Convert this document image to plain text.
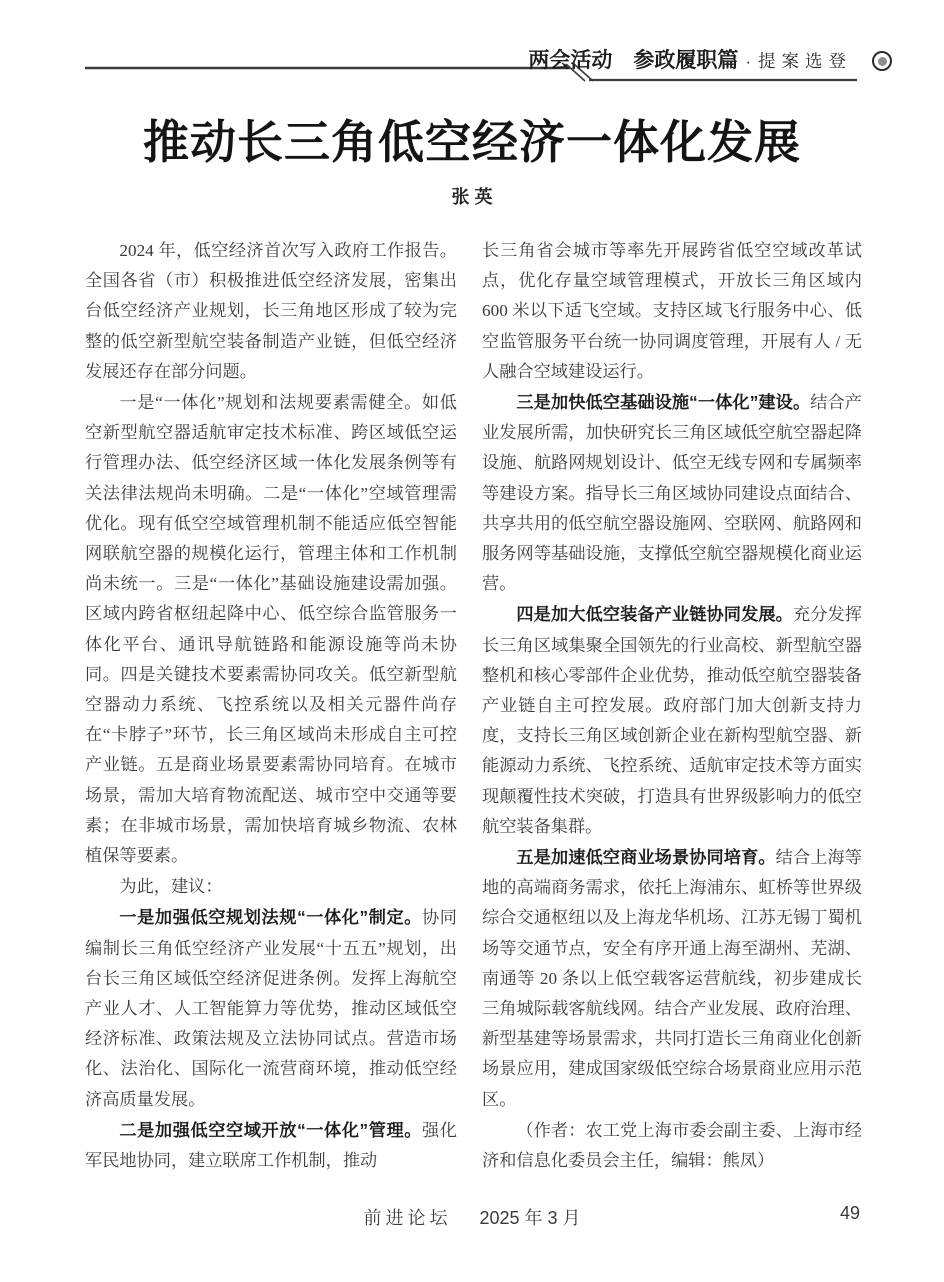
两会活动　参政履职篇 · 提案选登
推动长三角低空经济一体化发展
张 英

2024 年，低空经济首次写入政府工作报告。全国各省（市）积极推进低空经济发展，密集出台低空经济产业规划，长三角地区形成了较为完整的低空新型航空装备制造产业链，但低空经济发展还存在部分问题。

一是“一体化”规划和法规要素需健全。如低空新型航空器适航审定技术标准、跨区域低空运行管理办法、低空经济区域一体化发展条例等有关法律法规尚未明确。二是“一体化”空域管理需优化。现有低空空域管理机制不能适应低空智能网联航空器的规模化运行，管理主体和工作机制尚未统一。三是“一体化”基础设施建设需加强。区域内跨省枢纽起降中心、低空综合监管服务一体化平台、通讯导航链路和能源设施等尚未协同。四是关键技术要素需协同攻关。低空新型航空器动力系统、飞控系统以及相关元器件尚存在“卡脖子”环节，长三角区域尚未形成自主可控产业链。五是商业场景要素需协同培育。在城市场景，需加大培育物流配送、城市空中交通等要素；在非城市场景，需加快培育城乡物流、农林植保等要素。

为此，建议：

一是加强低空规划法规“一体化”制定。协同编制长三角低空经济产业发展“十五五”规划，出台长三角区域低空经济促进条例。发挥上海航空产业人才、人工智能算力等优势，推动区域低空经济标准、政策法规及立法协同试点。营造市场化、法治化、国际化一流营商环境，推动低空经济高质量发展。

二是加强低空空域开放“一体化”管理。强化军民地协同，建立联席工作机制，推动

长三角省会城市等率先开展跨省低空空域改革试点，优化存量空域管理模式，开放长三角区域内 600 米以下适飞空域。支持区域飞行服务中心、低空监管服务平台统一协同调度管理，开展有人 / 无人融合空域建设运行。

三是加快低空基础设施“一体化”建设。结合产业发展所需，加快研究长三角区域低空航空器起降设施、航路网规划设计、低空无线专网和专属频率等建设方案。指导长三角区域协同建设点面结合、共享共用的低空航空器设施网、空联网、航路网和服务网等基础设施，支撑低空航空器规模化商业运营。

四是加大低空装备产业链协同发展。充分发挥长三角区域集聚全国领先的行业高校、新型航空器整机和核心零部件企业优势，推动低空航空器装备产业链自主可控发展。政府部门加大创新支持力度，支持长三角区域创新企业在新构型航空器、新能源动力系统、飞控系统、适航审定技术等方面实现颠覆性技术突破，打造具有世界级影响力的低空航空装备集群。

五是加速低空商业场景协同培育。结合上海等地的高端商务需求，依托上海浦东、虹桥等世界级综合交通枢纽以及上海龙华机场、江苏无锡丁蜀机场等交通节点，安全有序开通上海至湖州、芜湖、南通等 20 条以上低空载客运营航线，初步建成长三角城际载客航线网。结合产业发展、政府治理、新型基建等场景需求，共同打造长三角商业化创新场景应用，建成国家级低空综合场景商业应用示范区。

（作者：农工党上海市委会副主委、上海市经济和信息化委员会主任，编辑：熊凤）

前进论坛 2025 年 3 月	49
